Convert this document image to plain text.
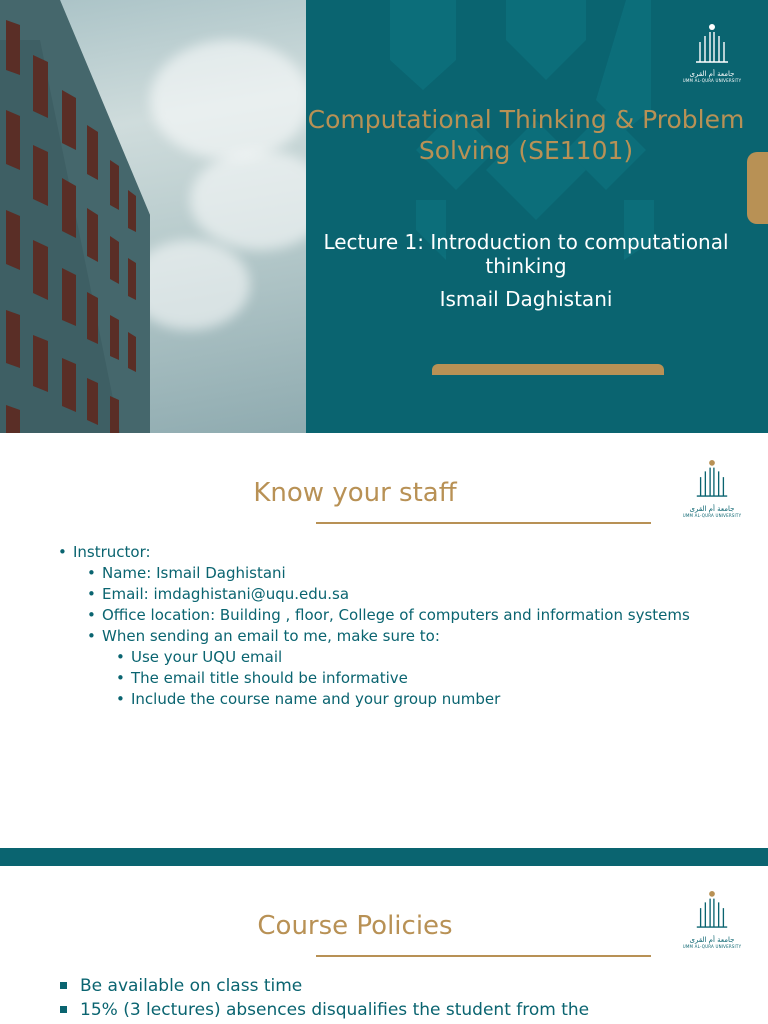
جامعة أم القرى
UMM AL-QURA UNIVERSITY
Computational Thinking & Problem Solving (SE1101)
Lecture 1: Introduction to computational thinking
Ismail Daghistani
جامعة أم القرى
UMM AL-QURA UNIVERSITY
Know your staff
• Instructor:
• Name: Ismail Daghistani
• Email: imdaghistani@uqu.edu.sa
• Office location: Building , floor, College of computers and information systems
• When sending an email to me, make sure to:
• Use your UQU email
• The email title should be informative
• Include the course name and your group number
جامعة أم القرى
UMM AL-QURA UNIVERSITY
Course Policies
Be available on class time
15% (3 lectures) absences disqualifies the student from the
